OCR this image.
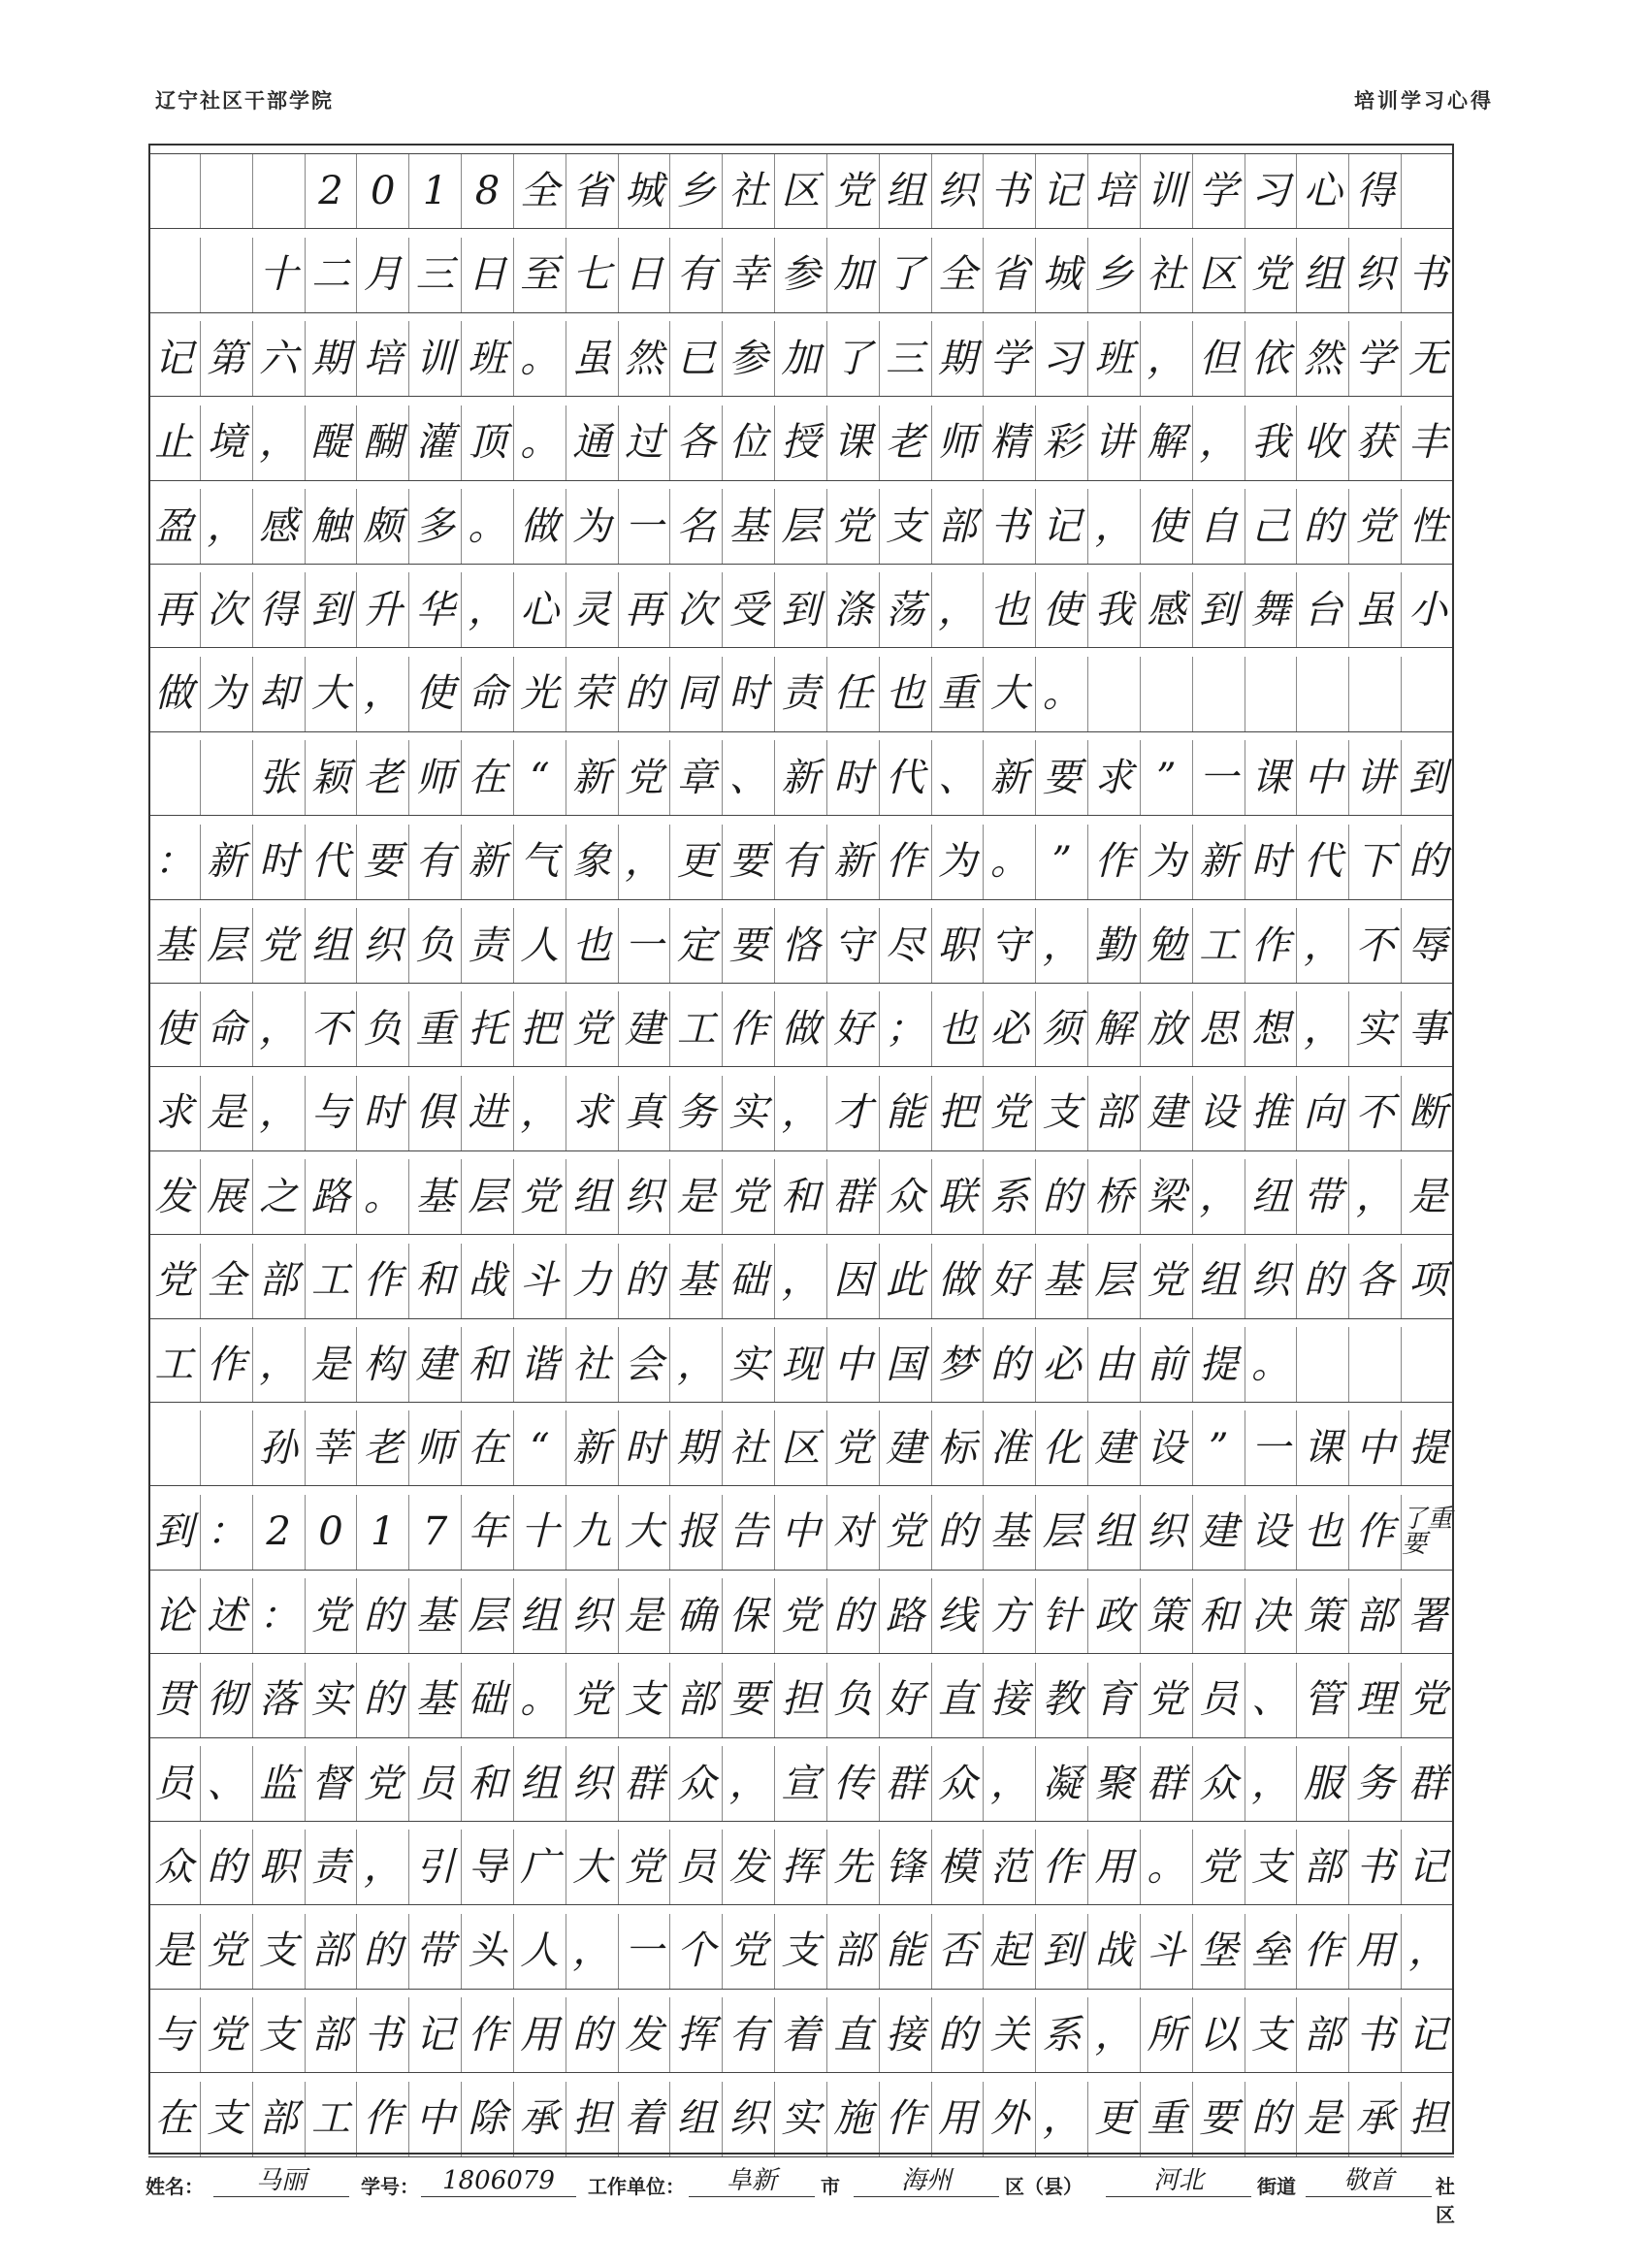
辽宁社区干部学院	培训学习心得
2 0 1 8 全 省 城 乡 社 区 党 组 织 书 记 培 训 学 习 心 得
十 二 月 三 日 至 七 日 有 幸 参 加 了 全 省 城 乡 社 区 党 组 织 书
记 第 六 期 培 训 班 。 虽 然 已 参 加 了 三 期 学 习 班 ， 但 依 然 学 无
止 境 ， 醍 醐 灌 顶 。 通 过 各 位 授 课 老 师 精 彩 讲 解 ， 我 收 获 丰
盈 ， 感 触 颇 多 。 做 为 一 名 基 层 党 支 部 书 记 ， 使 自 己 的 党 性
再 次 得 到 升 华 ， 心 灵 再 次 受 到 涤 荡 ， 也 使 我 感 到 舞 台 虽 小
做 为 却 大 ， 使 命 光 荣 的 同 时 责 任 也 重 大 。
张 颖 老 师 在 “ 新 党 章 、 新 时 代 、 新 要 求 ” 一 课 中 讲 到
： 新 时 代 要 有 新 气 象 ， 更 要 有 新 作 为 。 ” 作 为 新 时 代 下 的
基 层 党 组 织 负 责 人 也 一 定 要 恪 守 尽 职 守 ， 勤 勉 工 作 ， 不 辱
使 命 ， 不 负 重 托 把 党 建 工 作 做 好 ； 也 必 须 解 放 思 想 ， 实 事
求 是 ， 与 时 俱 进 ， 求 真 务 实 ， 才 能 把 党 支 部 建 设 推 向 不 断
发 展 之 路 。 基 层 党 组 织 是 党 和 群 众 联 系 的 桥 梁 ， 纽 带 ， 是
党 全 部 工 作 和 战 斗 力 的 基 础 ， 因 此 做 好 基 层 党 组 织 的 各 项
工 作 ， 是 构 建 和 谐 社 会 ， 实 现 中 国 梦 的 必 由 前 提 。
孙 莘 老 师 在 “ 新 时 期 社 区 党 建 标 准 化 建 设 ” 一 课 中 提
到 ： 2 0 1 7 年 十 九 大 报 告 中 对 党 的 基 层 组 织 建 设 也 作 了重要
论 述 ： 党 的 基 层 组 织 是 确 保 党 的 路 线 方 针 政 策 和 决 策 部 署
贯 彻 落 实 的 基 础 。 党 支 部 要 担 负 好 直 接 教 育 党 员 、 管 理 党
员 、 监 督 党 员 和 组 织 群 众 ， 宣 传 群 众 ， 凝 聚 群 众 ， 服 务 群
众 的 职 责 ， 引 导 广 大 党 员 发 挥 先 锋 模 范 作 用 。 党 支 部 书 记
是 党 支 部 的 带 头 人 ， 一 个 党 支 部 能 否 起 到 战 斗 堡 垒 作 用 ，
与 党 支 部 书 记 作 用 的 发 挥 有 着 直 接 的 关 系 ， 所 以 支 部 书 记
在 支 部 工 作 中 除 承 担 着 组 织 实 施 作 用 外 ， 更 重 要 的 是 承 担
姓名：	马丽	学号： 1806079	工作单位：	阜新	市	海州	区（县）	河北	街道	敬首	社区
